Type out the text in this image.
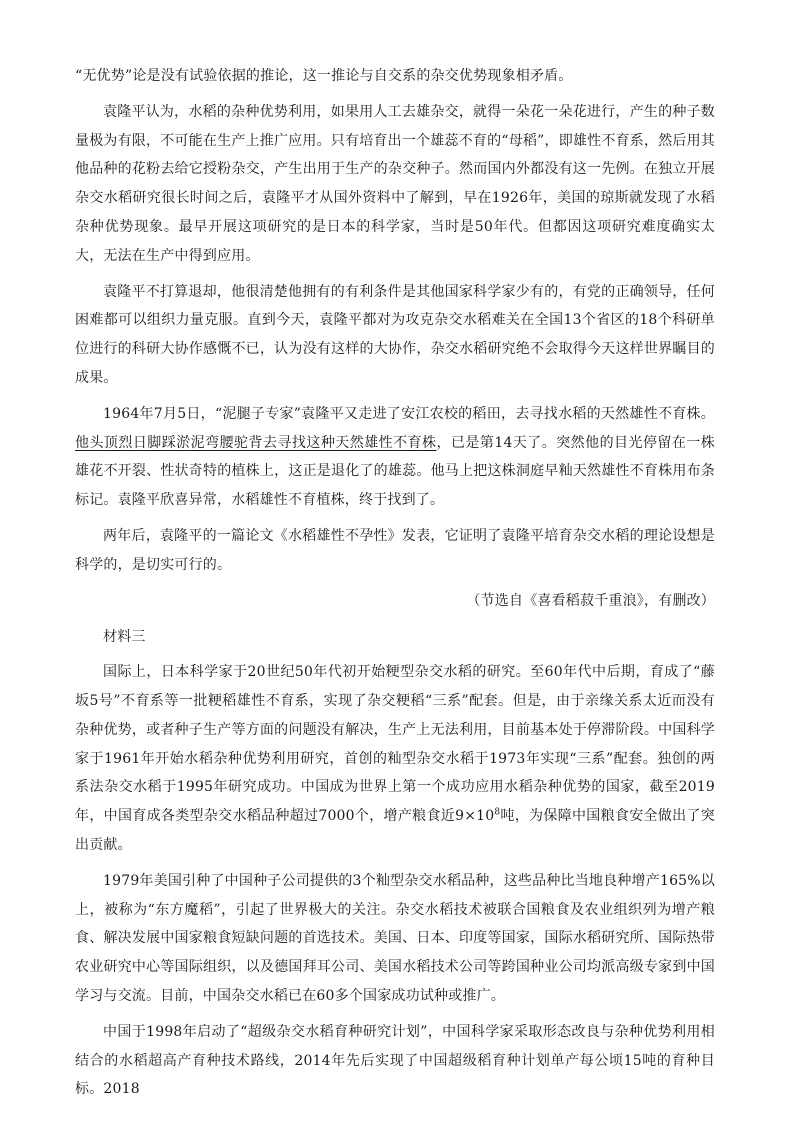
“无优势”论是没有试验依据的推论，这一推论与自交系的杂交优势现象相矛盾。

袁隆平认为，水稻的杂种优势利用，如果用人工去雄杂交，就得一朵花一朵花进行，产生的种子数量极为有限，不可能在生产上推广应用。只有培育出一个雄蕊不育的“母稻”，即雄性不育系，然后用其他品种的花粉去给它授粉杂交，产生出用于生产的杂交种子。然而国内外都没有这一先例。在独立开展杂交水稻研究很长时间之后，袁隆平才从国外资料中了解到，早在1926年，美国的琼斯就发现了水稻杂种优势现象。最早开展这项研究的是日本的科学家，当时是50年代。但都因这项研究难度确实太大，无法在生产中得到应用。

袁隆平不打算退却，他很清楚他拥有的有利条件是其他国家科学家少有的，有党的正确领导，任何困难都可以组织力量克服。直到今天，袁隆平都对为攻克杂交水稻难关在全国13个省区的18个科研单位进行的科研大协作感慨不已，认为没有这样的大协作，杂交水稻研究绝不会取得今天这样世界瞩目的成果。

1964年7月5日，“泥腿子专家”袁隆平又走进了安江农校的稻田，去寻找水稻的天然雄性不育株。他头顶烈日脚踩淤泥弯腰驼背去寻找这种天然雄性不育株，已是第14天了。突然他的目光停留在一株雄花不开裂、性状奇特的植株上，这正是退化了的雄蕊。他马上把这株洞庭早籼天然雄性不育株用布条标记。袁隆平欣喜异常，水稻雄性不育植株，终于找到了。

两年后，袁隆平的一篇论文《水稻雄性不孕性》发表，它证明了袁隆平培育杂交水稻的理论设想是科学的，是切实可行的。

（节选自《喜看稻菽千重浪》，有删改）

材料三

国际上，日本科学家于20世纪50年代初开始粳型杂交水稻的研究。至60年代中后期，育成了“藤坂5号”不育系等一批粳稻雄性不育系，实现了杂交粳稻“三系”配套。但是，由于亲缘关系太近而没有杂种优势，或者种子生产等方面的问题没有解决，生产上无法利用，目前基本处于停滞阶段。中国科学家于1961年开始水稻杂种优势利用研究，首创的籼型杂交水稻于1973年实现“三系”配套。独创的两系法杂交水稻于1995年研究成功。中国成为世界上第一个成功应用水稻杂种优势的国家，截至2019年，中国育成各类型杂交水稻品种超过7000个，增产粮食近$9\times 10^8$吨，为保障中国粮食安全做出了突出贡献。

1979年美国引种了中国种子公司提供的3个籼型杂交水稻品种，这些品种比当地良种增产165%以上，被称为“东方魔稻”，引起了世界极大的关注。杂交水稻技术被联合国粮食及农业组织列为增产粮食、解决发展中国家粮食短缺问题的首选技术。美国、日本、印度等国家，国际水稻研究所、国际热带农业研究中心等国际组织，以及德国拜耳公司、美国水稻技术公司等跨国种业公司均派高级专家到中国学习与交流。目前，中国杂交水稻已在60多个国家成功试种或推广。

中国于1998年启动了“超级杂交水稻育种研究计划”，中国科学家采取形态改良与杂种优势利用相结合的水稻超高产育种技术路线，2014年先后实现了中国超级稻育种计划单产每公顷15吨的育种目标。2018
